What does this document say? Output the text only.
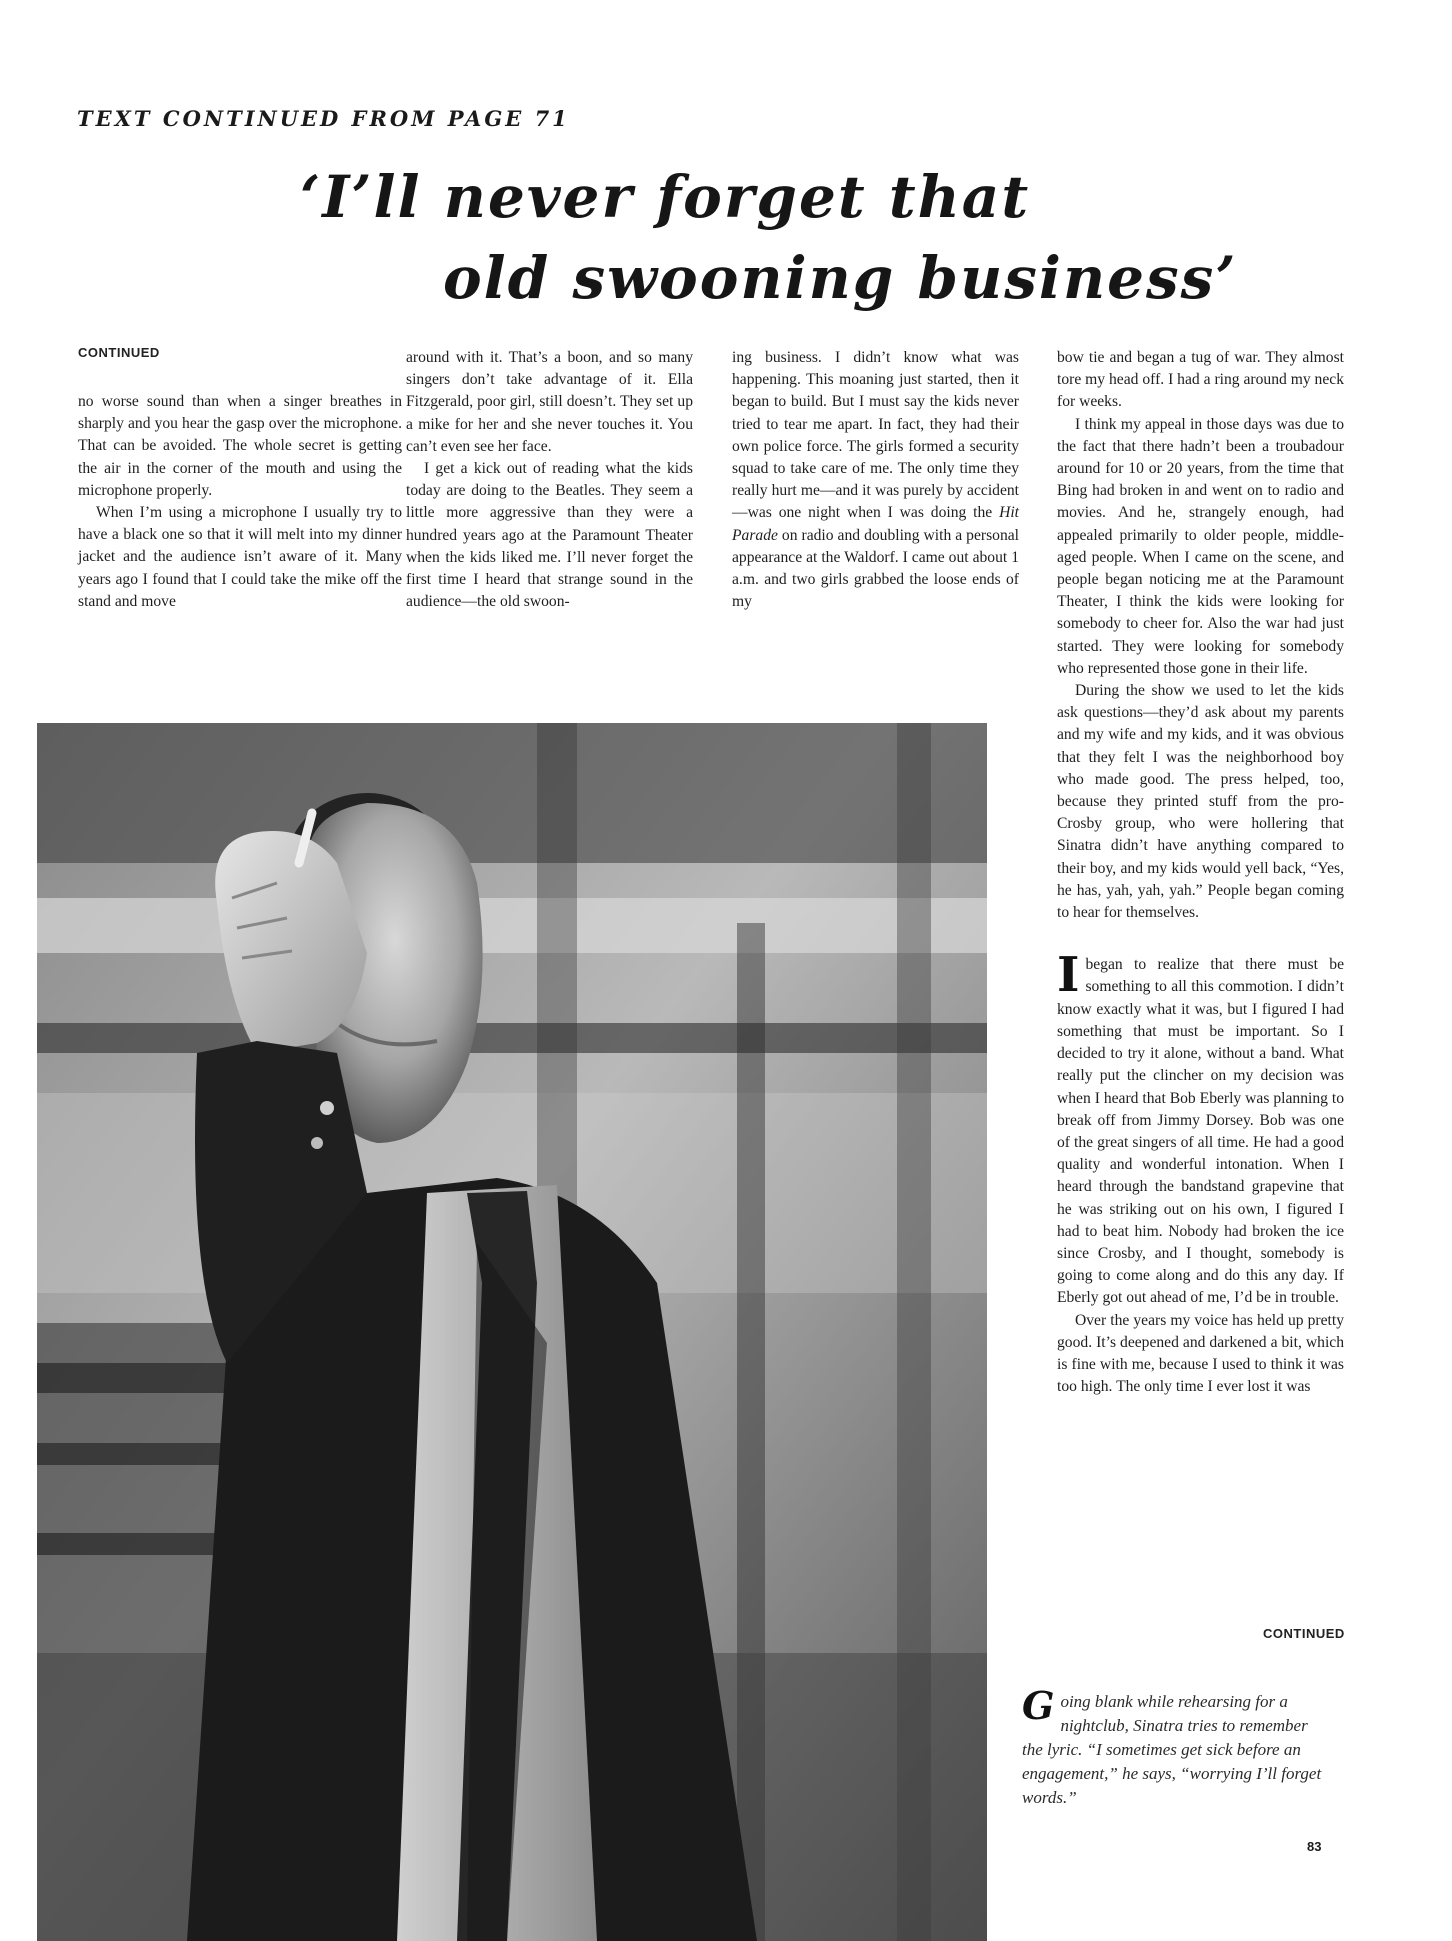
TEXT CONTINUED FROM PAGE 71
‘I’ll never forget that
old swooning business’
CONTINUED

no worse sound than when a singer breathes in sharply and you hear the gasp over the microphone. That can be avoided. The whole secret is getting the air in the corner of the mouth and using the microphone properly.

When I’m using a microphone I usually try to have a black one so that it will melt into my dinner jacket and the audience isn’t aware of it. Many years ago I found that I could take the mike off the stand and move

around with it. That’s a boon, and so many singers don’t take advantage of it. Ella Fitzgerald, poor girl, still doesn’t. They set up a mike for her and she never touches it. You can’t even see her face.

I get a kick out of reading what the kids today are doing to the Beatles. They seem a little more aggressive than they were a hundred years ago at the Paramount Theater when the kids liked me. I’ll never forget the first time I heard that strange sound in the audience—the old swoon-

ing business. I didn’t know what was happening. This moaning just started, then it began to build. But I must say the kids never tried to tear me apart. In fact, they had their own police force. The girls formed a security squad to take care of me. The only time they really hurt me—and it was purely by accident—was one night when I was doing the Hit Parade on radio and doubling with a personal appearance at the Waldorf. I came out about 1 a.m. and two girls grabbed the loose ends of my

bow tie and began a tug of war. They almost tore my head off. I had a ring around my neck for weeks.

I think my appeal in those days was due to the fact that there hadn’t been a troubadour around for 10 or 20 years, from the time that Bing had broken in and went on to radio and movies. And he, strangely enough, had appealed primarily to older people, middle-aged people. When I came on the scene, and people began noticing me at the Paramount Theater, I think the kids were looking for somebody to cheer for. Also the war had just started. They were looking for somebody who represented those gone in their life.

During the show we used to let the kids ask questions—they’d ask about my parents and my wife and my kids, and it was obvious that they felt I was the neighborhood boy who made good. The press helped, too, because they printed stuff from the pro-Crosby group, who were hollering that Sinatra didn’t have anything compared to their boy, and my kids would yell back, “Yes, he has, yah, yah, yah.” People began coming to hear for themselves.

Ibegan to realize that there must be something to all this commotion. I didn’t know exactly what it was, but I figured I had something that must be important. So I decided to try it alone, without a band. What really put the clincher on my decision was when I heard that Bob Eberly was planning to break off from Jimmy Dorsey. Bob was one of the great singers of all time. He had a good quality and wonderful intonation. When I heard through the bandstand grapevine that he was striking out on his own, I figured I had to beat him. Nobody had broken the ice since Crosby, and I thought, somebody is going to come along and do this any day. If Eberly got out ahead of me, I’d be in trouble.

Over the years my voice has held up pretty good. It’s deepened and darkened a bit, which is fine with me, because I used to think it was too high. The only time I ever lost it was

CONTINUED
Going blank while rehearsing for a nightclub, Sinatra tries to remember the lyric. “I sometimes get sick before an engagement,” he says, “worrying I’ll forget words.”
83
